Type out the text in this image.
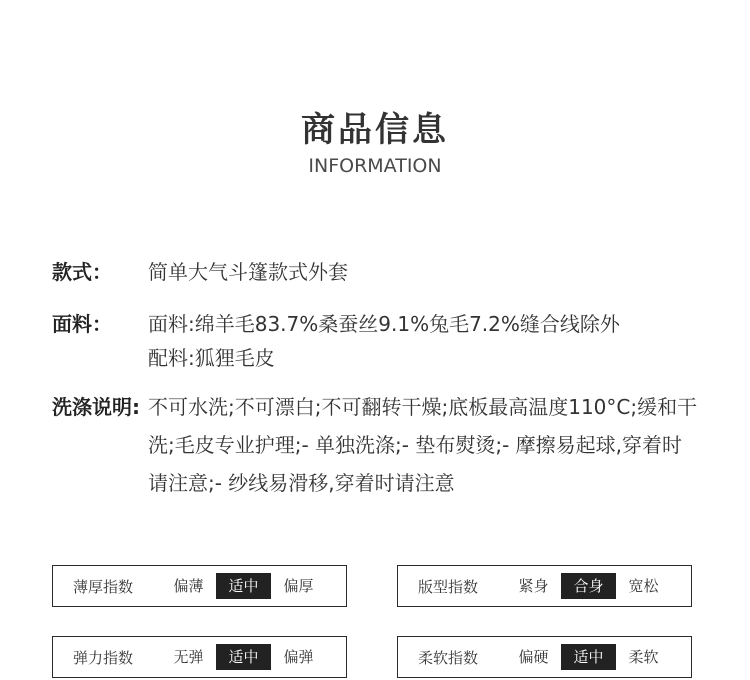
商品信息
INFORMATION
款式：	简单大气斗篷款式外套
面料：	面料:绵羊毛83.7%桑蚕丝9.1%兔毛7.2%缝合线除外
配料:狐狸毛皮
洗涤说明: 不可水洗;不可漂白;不可翻转干燥;底板最高温度110°C;缓和干洗;毛皮专业护理;- 单独洗涤;- 垫布熨烫;- 摩擦易起球,穿着时请注意;- 纱线易滑移,穿着时请注意
薄厚指数	偏薄	适中	偏厚	版型指数	紧身	合身	宽松
弹力指数	无弹	适中	偏弹	柔软指数	偏硬	适中	柔软
